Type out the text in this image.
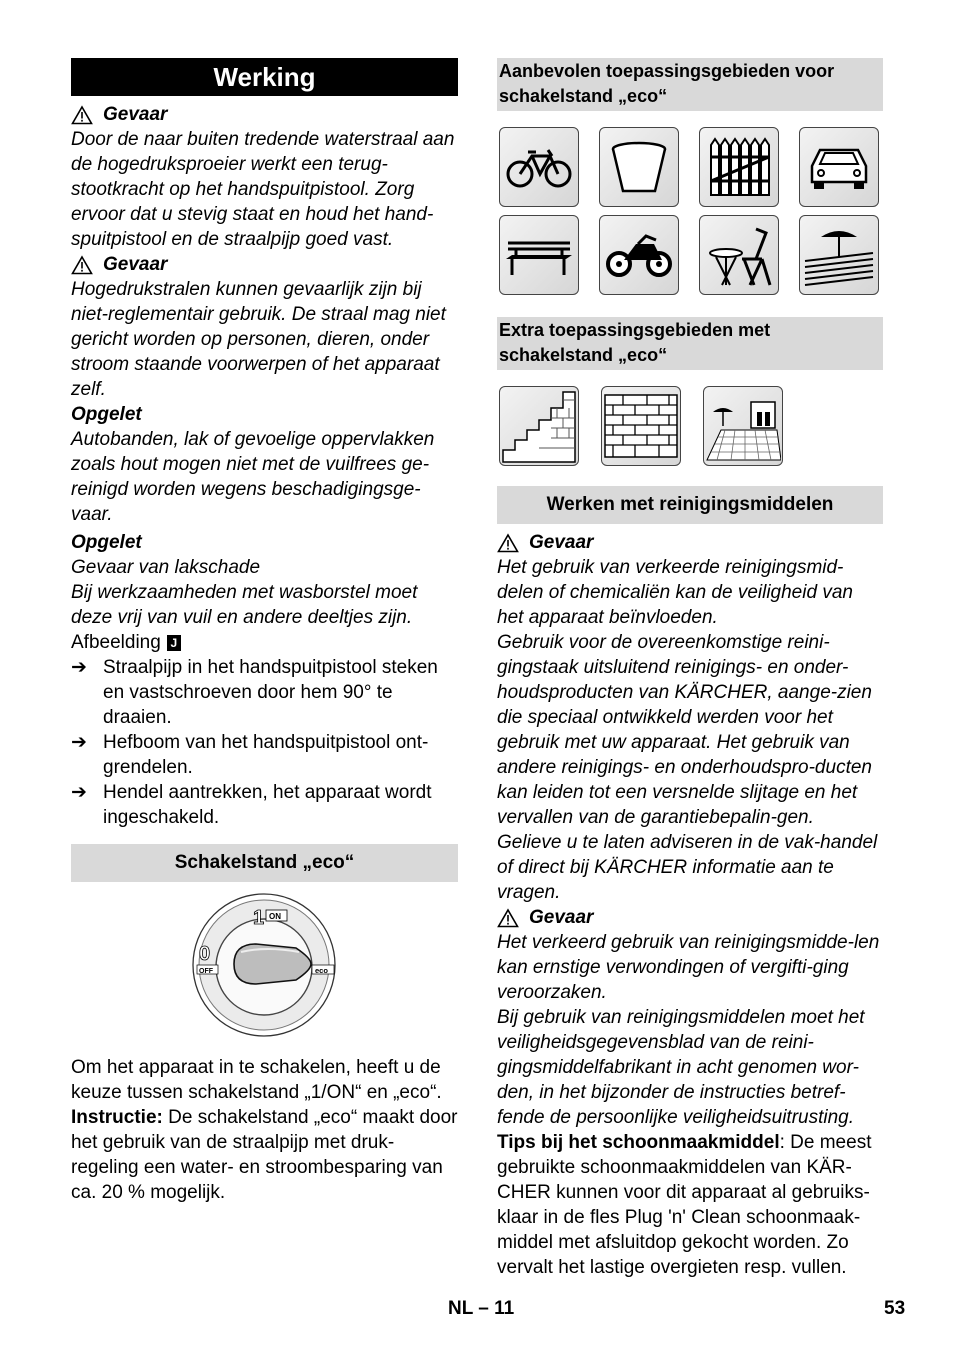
Werking
Gevaar

Door de naar buiten tredende waterstraal aan de hogedruksproeier werkt een terug-stootkracht op het handspuitpistool. Zorg ervoor dat u stevig staat en houd het hand-spuitpistool en de straalpijp goed vast.

Gevaar

Hogedrukstralen kunnen gevaarlijk zijn bij niet-reglementair gebruik. De straal mag niet gericht worden op personen, dieren, onder stroom staande voorwerpen of het apparaat zelf.

Opgelet

Autobanden, lak of gevoelige oppervlakken zoals hout mogen niet met de vuilfrees ge-reinigd worden wegens beschadigingsge-vaar.

Opgelet

Gevaar van lakschade

Bij werkzaamheden met wasborstel moet deze vrij van vuil en andere deeltjes zijn.

Afbeelding J

➔ Straalpijp in het handspuitpistool steken en vastschroeven door hem 90° te draaien.
➔ Hefboom van het handspuitpistool ont-grendelen.
➔ Hendel aantrekken, het apparaat wordt ingeschakeld.
Schakelstand „eco“
1 ON
0
OFF	eco

Om het apparaat in te schakelen, heeft u de keuze tussen schakelstand „1/ON“ en „eco“.

Instructie: De schakelstand „eco“ maakt door het gebruik van de straalpijp met druk-regeling een water- en stroombesparing van ca. 20 % mogelijk.

Aanbevolen toepassingsgebieden voor schakelstand „eco“
Extra toepassingsgebieden met schakelstand „eco“
Werken met reinigingsmiddelen
Gevaar

Het gebruik van verkeerde reinigingsmid-delen of chemicaliën kan de veiligheid van het apparaat beïnvloeden.

Gebruik voor de overeenkomstige reini-gingstaak uitsluitend reinigings- en onder-houdsproducten van KÄRCHER, aange-zien die speciaal ontwikkeld werden voor het gebruik met uw apparaat. Het gebruik van andere reinigings- en onderhoudspro-ducten kan leiden tot een versnelde slijtage en het vervallen van de garantiebepalin-gen. Gelieve u te laten adviseren in de vak-handel of direct bij KÄRCHER informatie aan te vragen.

Gevaar

Het verkeerd gebruik van reinigingsmidde-len kan ernstige verwondingen of vergifti-ging veroorzaken.

Bij gebruik van reinigingsmiddelen moet het veiligheidsgegevensblad van de reini-gingsmiddelfabrikant in acht genomen wor-den, in het bijzonder de instructies betref-fende de persoonlijke veiligheidsuitrusting.

Tips bij het schoonmaakmiddel: De meest gebruikte schoonmaakmiddelen van KÄR-CHER kunnen voor dit apparaat al gebruiks-klaar in de fles Plug 'n' Clean schoonmaak-middel met afsluitdop gekocht worden. Zo vervalt het lastige overgieten resp. vullen.

NL – 11	53
